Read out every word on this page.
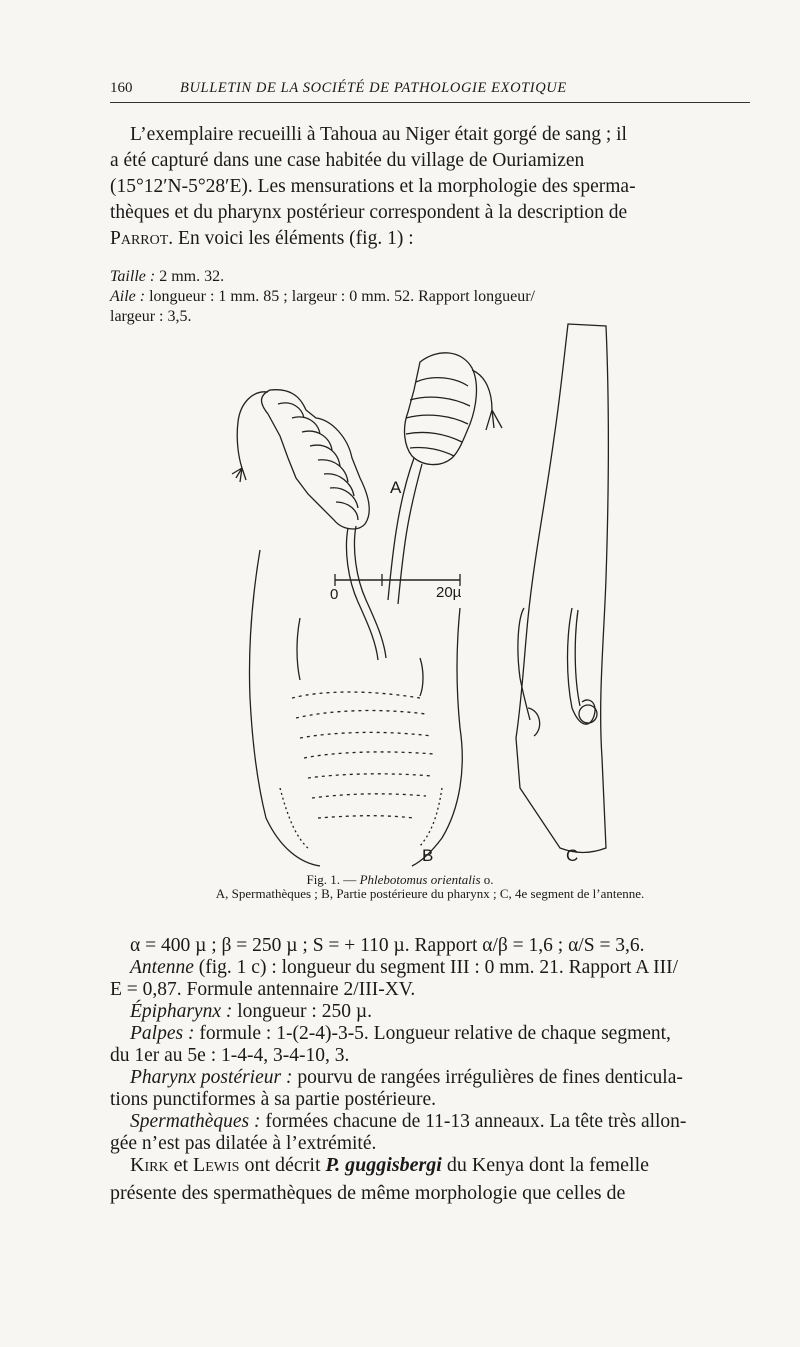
160	BULLETIN DE LA SOCIÉTÉ DE PATHOLOGIE EXOTIQUE
L’exemplaire recueilli à Tahoua au Niger était gorgé de sang ; il
a été capturé dans une case habitée du village de Ouriamizen
(15°12′N-5°28′E). Les mensurations et la morphologie des sperma-
thèques et du pharynx postérieur correspondent à la description de
Parrot. En voici les éléments (fig. 1) :
Taille : 2 mm. 32.
Aile : longueur : 1 mm. 85 ; largeur : 0 mm. 52. Rapport longueur/
largeur : 3,5.
A
B	C
0	20µ
Fig. 1. — Phlebotomus orientalis o.
A, Spermathèques ; B, Partie postérieure du pharynx ; C, 4e segment de l’antenne.
α = 400 µ ; β = 250 µ ; S = + 110 µ. Rapport α/β = 1,6 ; α/S = 3,6.
Antenne (fig. 1 c) : longueur du segment III : 0 mm. 21. Rapport A III/
E = 0,87. Formule antennaire 2/III-XV.
Épipharynx : longueur : 250 µ.
Palpes : formule : 1-(2-4)-3-5. Longueur relative de chaque segment,
du 1er au 5e : 1-4-4, 3-4-10, 3.
Pharynx postérieur : pourvu de rangées irrégulières de fines denticula-
tions punctiformes à sa partie postérieure.
Spermathèques : formées chacune de 11-13 anneaux. La tête très allon-
gée n’est pas dilatée à l’extrémité.
Kirk et Lewis ont décrit P. guggisbergi du Kenya dont la femelle
présente des spermathèques de même morphologie que celles de
